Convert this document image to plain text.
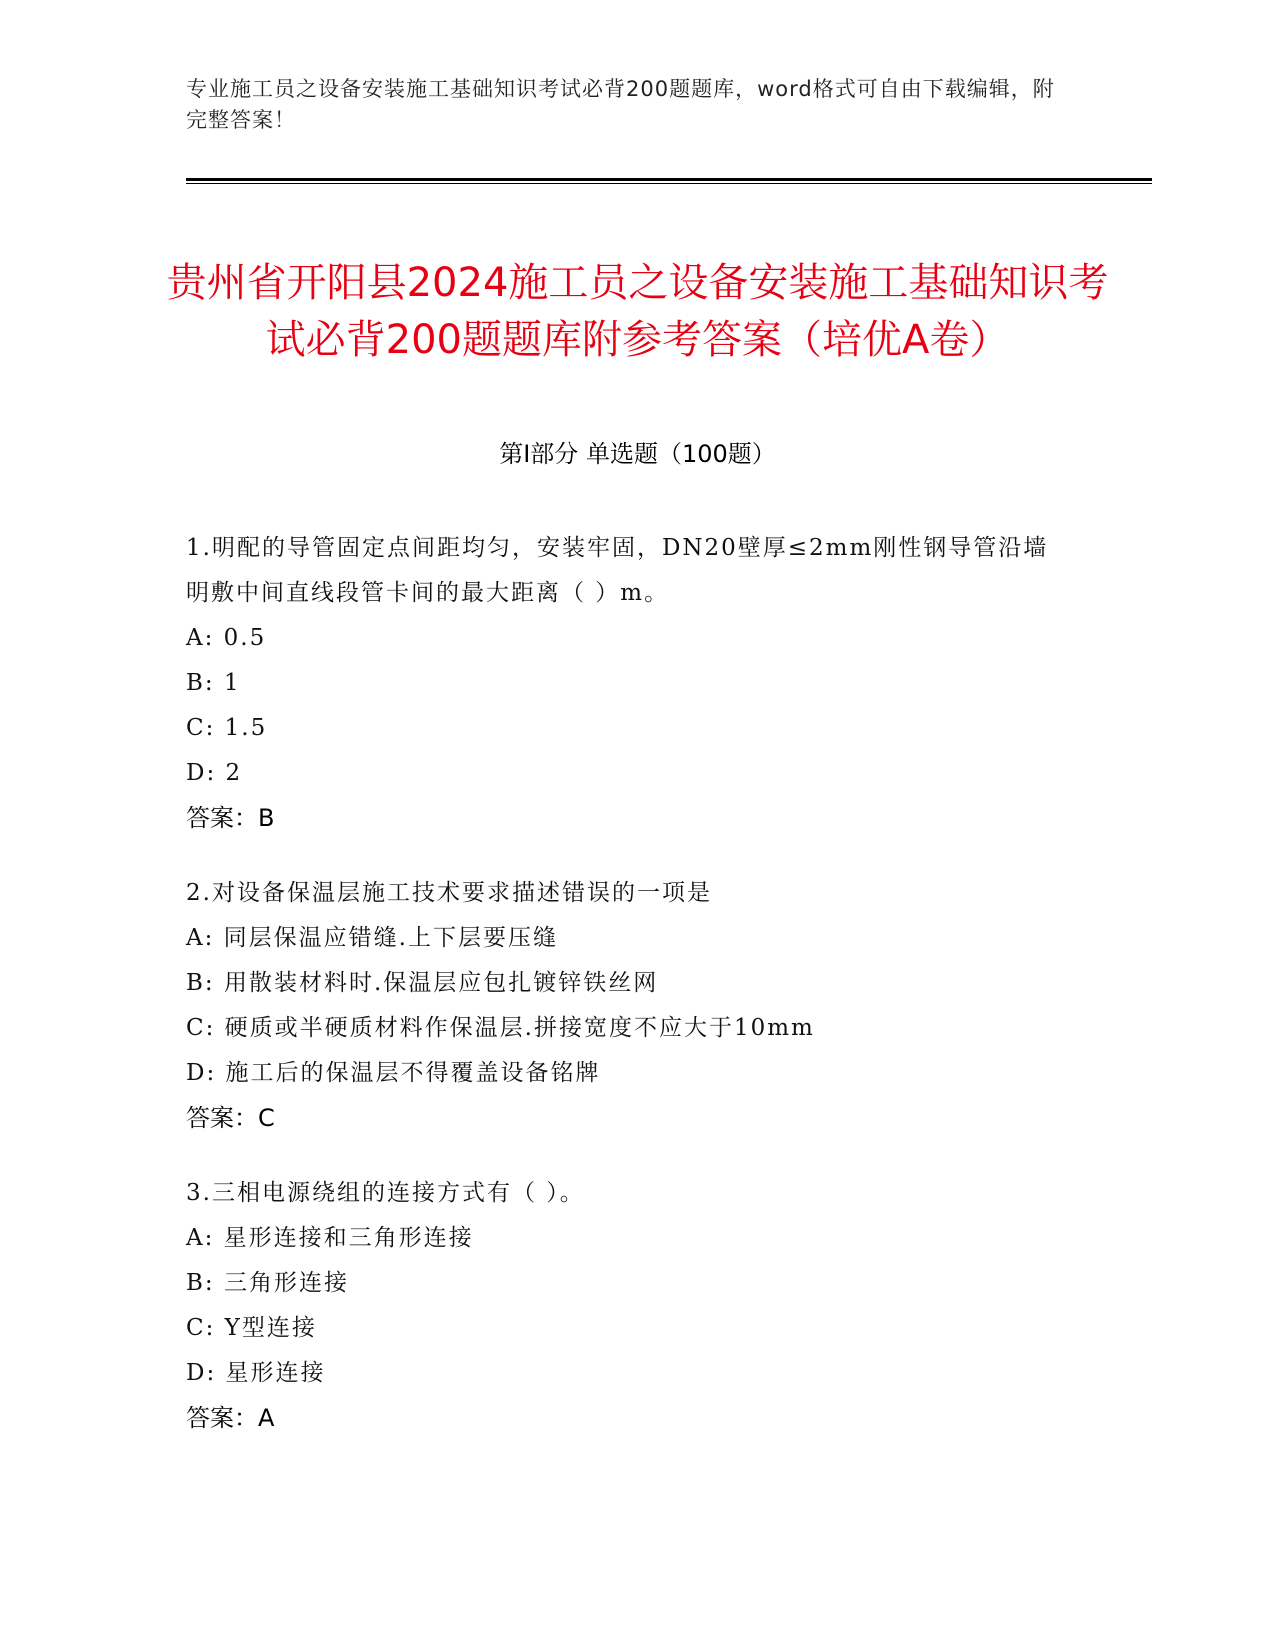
专业施工员之设备安装施工基础知识考试必背200题题库，word格式可自由下载编辑，附完整答案！
贵州省开阳县2024施工员之设备安装施工基础知识考试必背200题题库附参考答案（培优A卷）
第Ⅰ部分 单选题（100题）
1.明配的导管固定点间距均匀，安装牢固，DN20壁厚≤2mm刚性钢导管沿墙明敷中间直线段管卡间的最大距离（ ）m。
A: 0.5
B: 1
C: 1.5
D: 2
答案：B
2.对设备保温层施工技术要求描述错误的一项是
A: 同层保温应错缝.上下层要压缝
B: 用散装材料时.保温层应包扎镀锌铁丝网
C: 硬质或半硬质材料作保温层.拼接宽度不应大于10mm
D: 施工后的保温层不得覆盖设备铭牌
答案：C
3.三相电源绕组的连接方式有（ ）。
A: 星形连接和三角形连接
B: 三角形连接
C: Y型连接
D: 星形连接
答案：A
